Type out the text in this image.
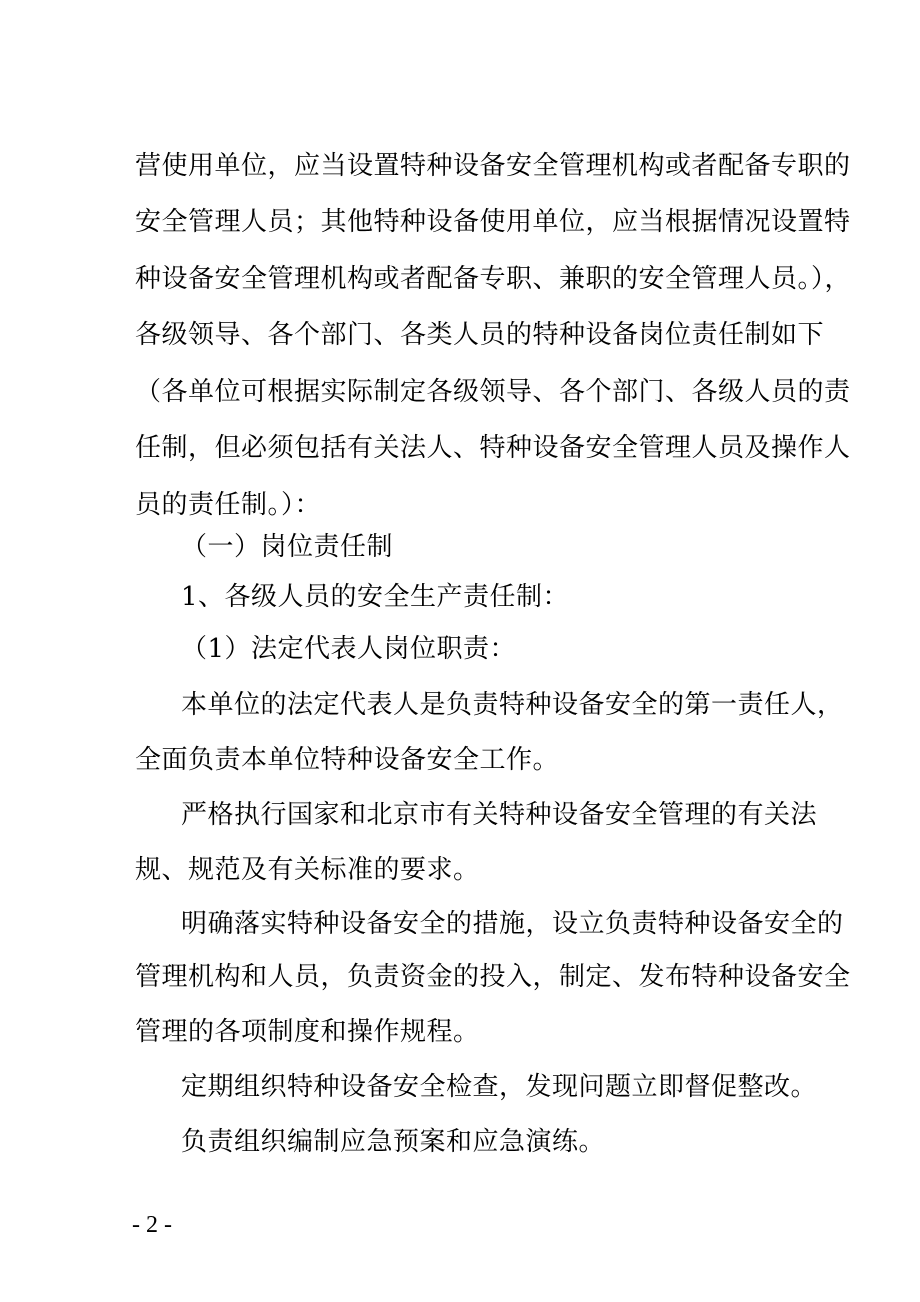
营使用单位，应当设置特种设备安全管理机构或者配备专职的
安全管理人员；其他特种设备使用单位，应当根据情况设置特
种设备安全管理机构或者配备专职、兼职的安全管理人员。），
各级领导、各个部门、各类人员的特种设备岗位责任制如下
（各单位可根据实际制定各级领导、各个部门、各级人员的责
任制，但必须包括有关法人、特种设备安全管理人员及操作人
员的责任制。）：
（一）岗位责任制
1、各级人员的安全生产责任制：
（1）法定代表人岗位职责：
本单位的法定代表人是负责特种设备安全的第一责任人，
全面负责本单位特种设备安全工作。
严格执行国家和北京市有关特种设备安全管理的有关法
规、规范及有关标准的要求。
明确落实特种设备安全的措施，设立负责特种设备安全的
管理机构和人员，负责资金的投入，制定、发布特种设备安全
管理的各项制度和操作规程。
定期组织特种设备安全检查，发现问题立即督促整改。
负责组织编制应急预案和应急演练。
- 2 -
